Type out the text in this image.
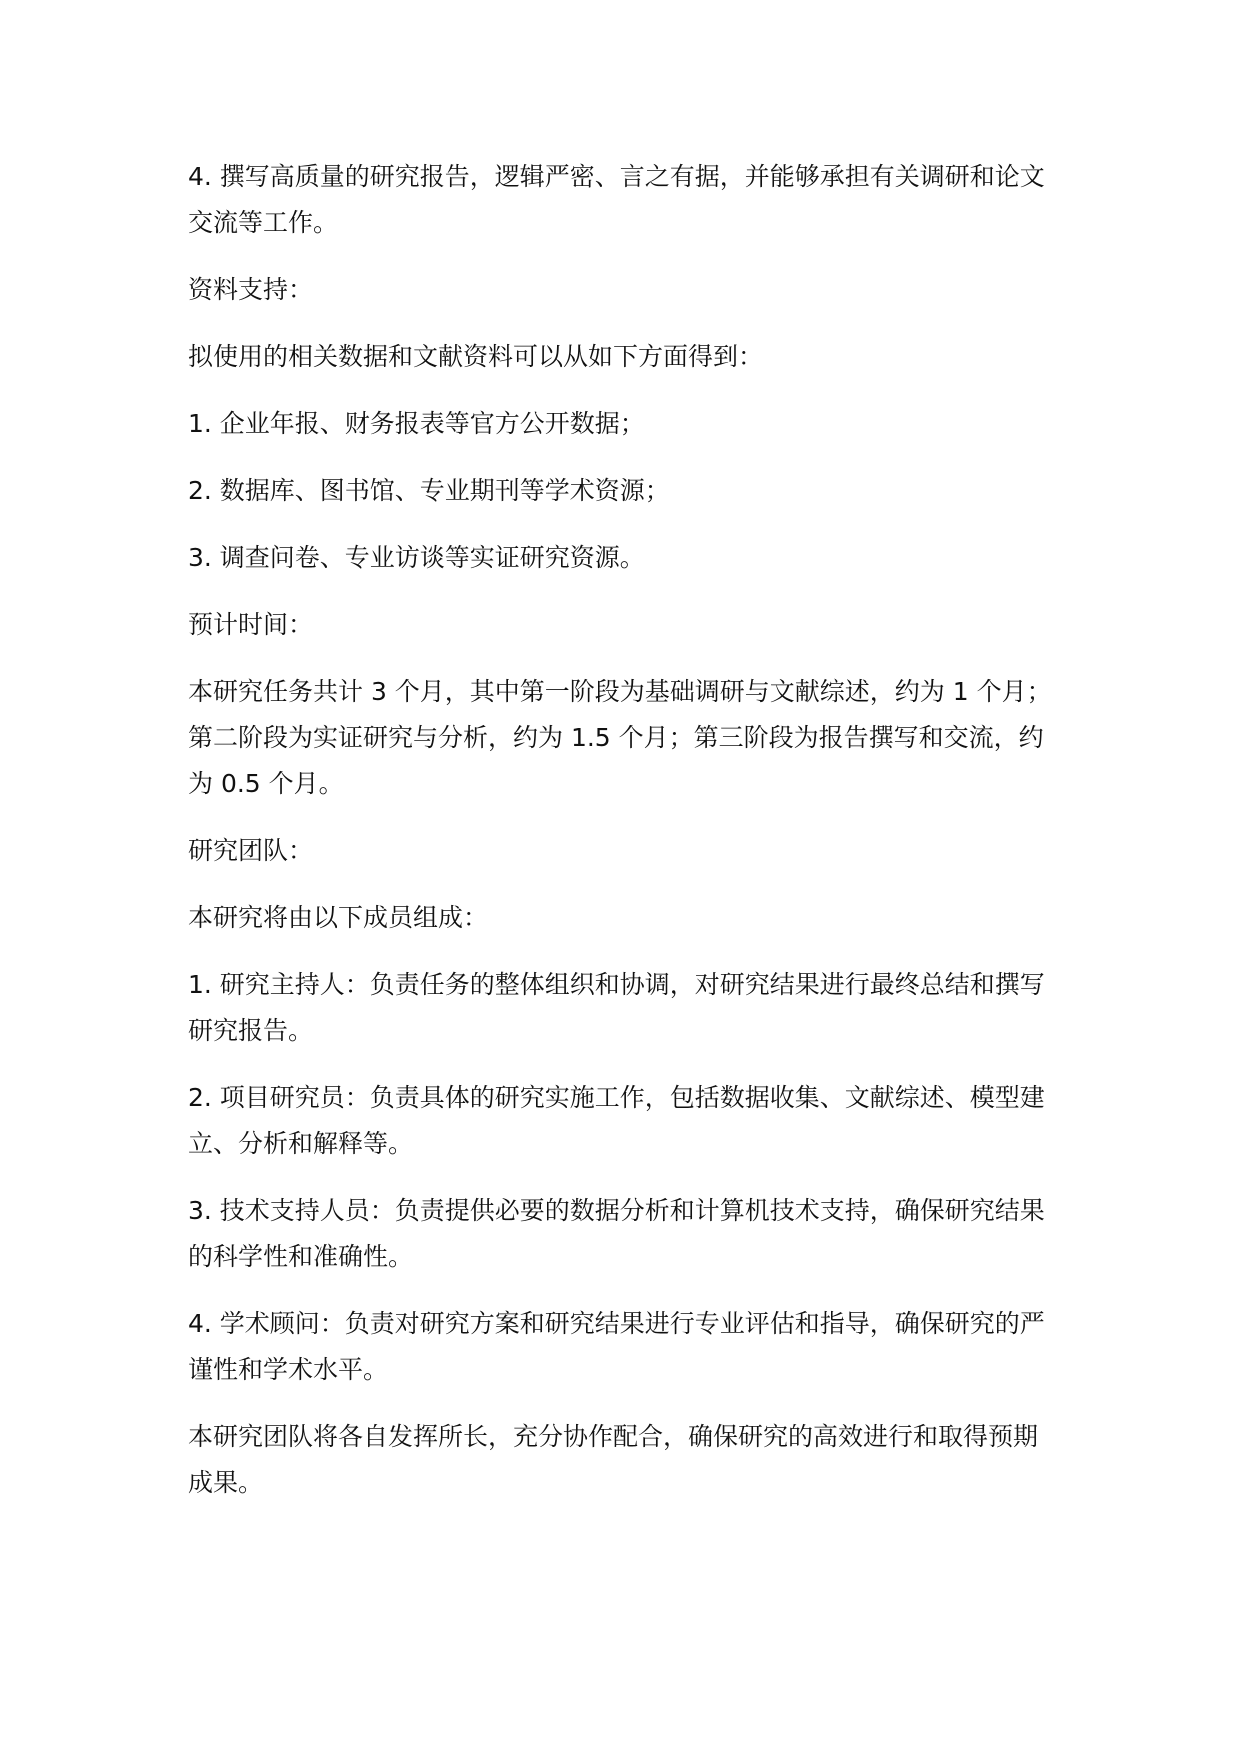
4. 撰写高质量的研究报告，逻辑严密、言之有据，并能够承担有关调研和论文交流等工作。

资料支持：

拟使用的相关数据和文献资料可以从如下方面得到：

1. 企业年报、财务报表等官方公开数据；

2. 数据库、图书馆、专业期刊等学术资源；

3. 调查问卷、专业访谈等实证研究资源。

预计时间：

本研究任务共计 3 个月，其中第一阶段为基础调研与文献综述，约为 1 个月；第二阶段为实证研究与分析，约为 1.5 个月；第三阶段为报告撰写和交流，约为 0.5 个月。

研究团队：

本研究将由以下成员组成：

1. 研究主持人：负责任务的整体组织和协调，对研究结果进行最终总结和撰写研究报告。

2. 项目研究员：负责具体的研究实施工作，包括数据收集、文献综述、模型建立、分析和解释等。

3. 技术支持人员：负责提供必要的数据分析和计算机技术支持，确保研究结果的科学性和准确性。

4. 学术顾问：负责对研究方案和研究结果进行专业评估和指导，确保研究的严谨性和学术水平。

本研究团队将各自发挥所长，充分协作配合，确保研究的高效进行和取得预期成果。
